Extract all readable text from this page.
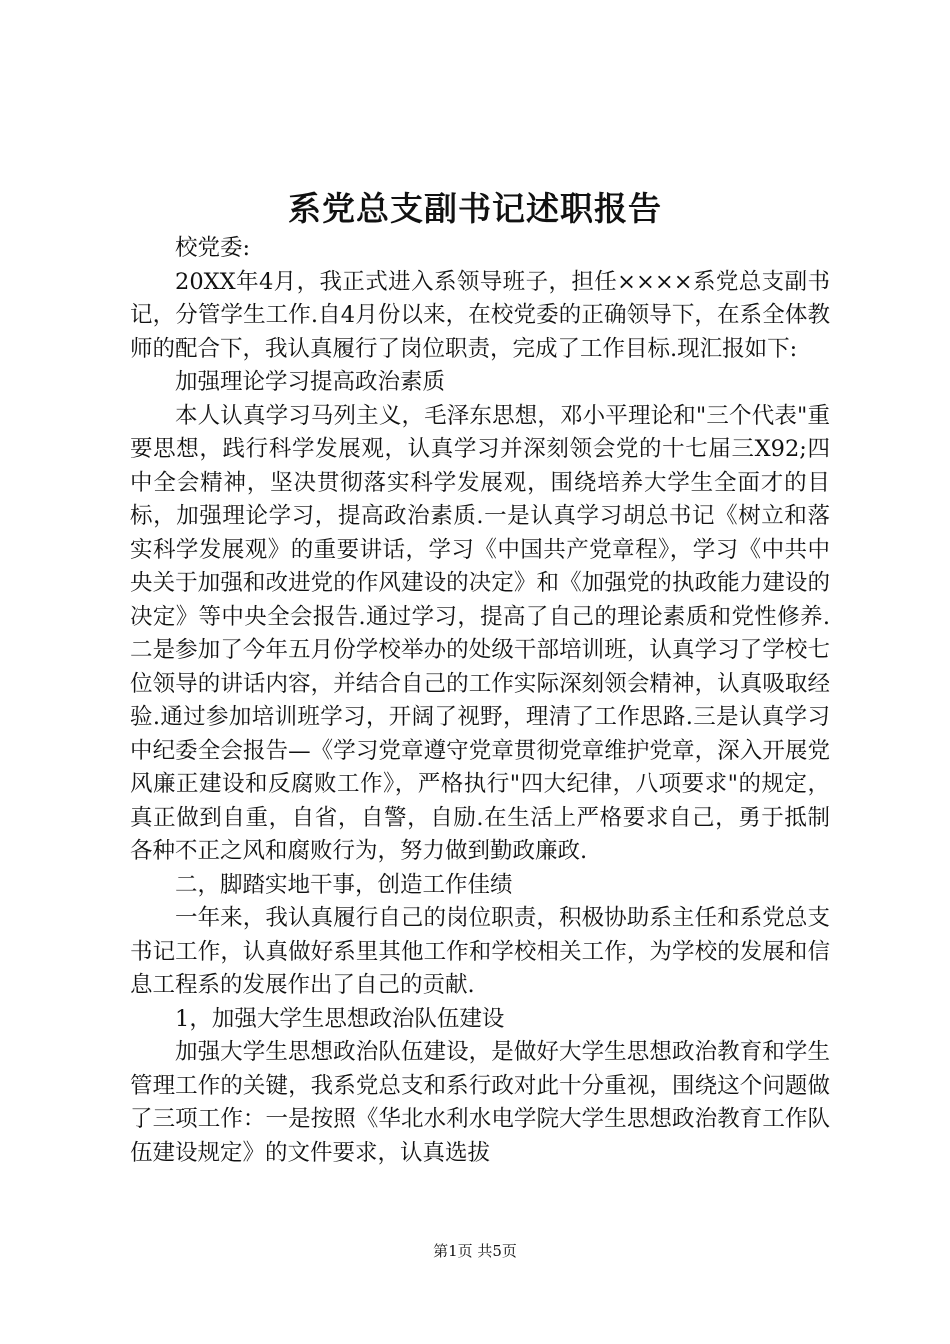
系党总支副书记述职报告

校党委:

20XX年4月，我正式进入系领导班子，担任××××系党总支副书记，分管学生工作.自4月份以来，在校党委的正确领导下，在系全体教师的配合下，我认真履行了岗位职责，完成了工作目标.现汇报如下:

加强理论学习提高政治素质

本人认真学习马列主义，毛泽东思想，邓小平理论和"三个代表"重要思想，践行科学发展观，认真学习并深刻领会党的十七届三X92;四中全会精神，坚决贯彻落实科学发展观，围绕培养大学生全面才的目标，加强理论学习，提高政治素质.一是认真学习胡总书记《树立和落实科学发展观》的重要讲话，学习《中国共产党章程》，学习《中共中央关于加强和改进党的作风建设的决定》和《加强党的执政能力建设的决定》等中央全会报告.通过学习，提高了自己的理论素质和党性修养.二是参加了今年五月份学校举办的处级干部培训班，认真学习了学校七位领导的讲话内容，并结合自己的工作实际深刻领会精神，认真吸取经验.通过参加培训班学习，开阔了视野，理清了工作思路.三是认真学习中纪委全会报告—《学习党章遵守党章贯彻党章维护党章，深入开展党风廉正建设和反腐败工作》，严格执行"四大纪律，八项要求"的规定，真正做到自重，自省，自警，自励.在生活上严格要求自己，勇于抵制各种不正之风和腐败行为，努力做到勤政廉政.

二，脚踏实地干事，创造工作佳绩

一年来，我认真履行自己的岗位职责，积极协助系主任和系党总支书记工作，认真做好系里其他工作和学校相关工作，为学校的发展和信息工程系的发展作出了自己的贡献.

1，加强大学生思想政治队伍建设

加强大学生思想政治队伍建设，是做好大学生思想政治教育和学生管理工作的关键，我系党总支和系行政对此十分重视，围绕这个问题做了三项工作：一是按照《华北水利水电学院大学生思想政治教育工作队伍建设规定》的文件要求，认真选拔

第1页 共5页
